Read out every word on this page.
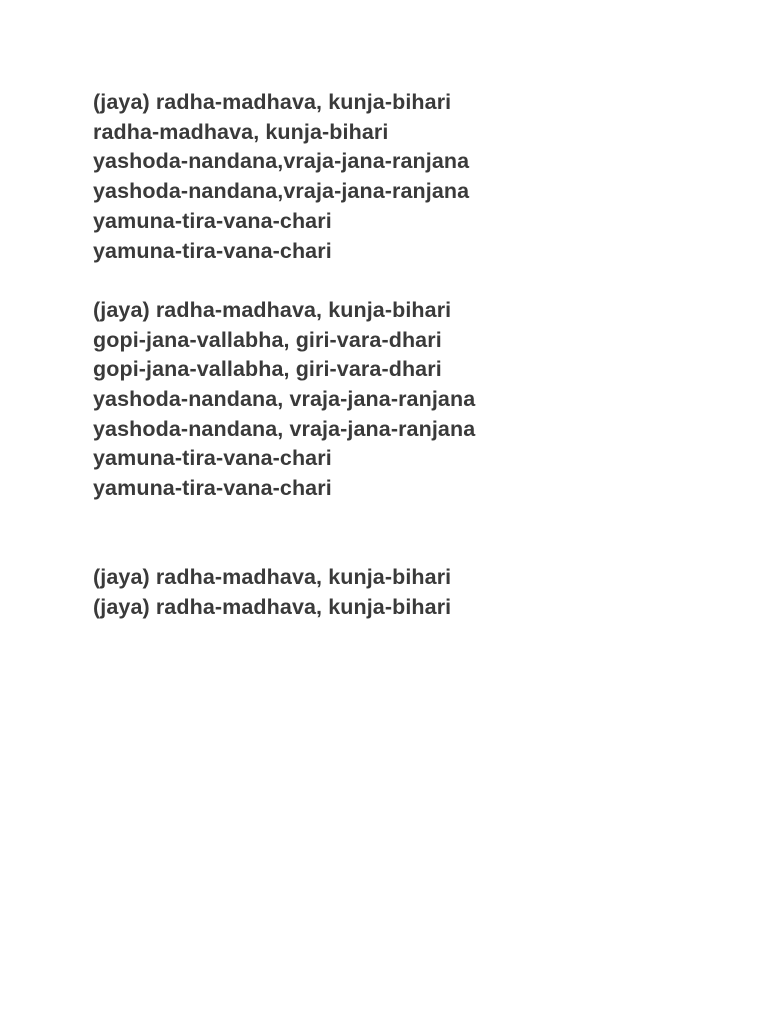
(jaya) radha-madhava, kunja-bihari
radha-madhava, kunja-bihari
yashoda-nandana,vraja-jana-ranjana
yashoda-nandana,vraja-jana-ranjana
yamuna-tira-vana-chari
yamuna-tira-vana-chari
(jaya) radha-madhava, kunja-bihari
gopi-jana-vallabha, giri-vara-dhari
gopi-jana-vallabha, giri-vara-dhari
yashoda-nandana, vraja-jana-ranjana
yashoda-nandana, vraja-jana-ranjana
yamuna-tira-vana-chari
yamuna-tira-vana-chari
(jaya) radha-madhava, kunja-bihari
(jaya) radha-madhava, kunja-bihari
